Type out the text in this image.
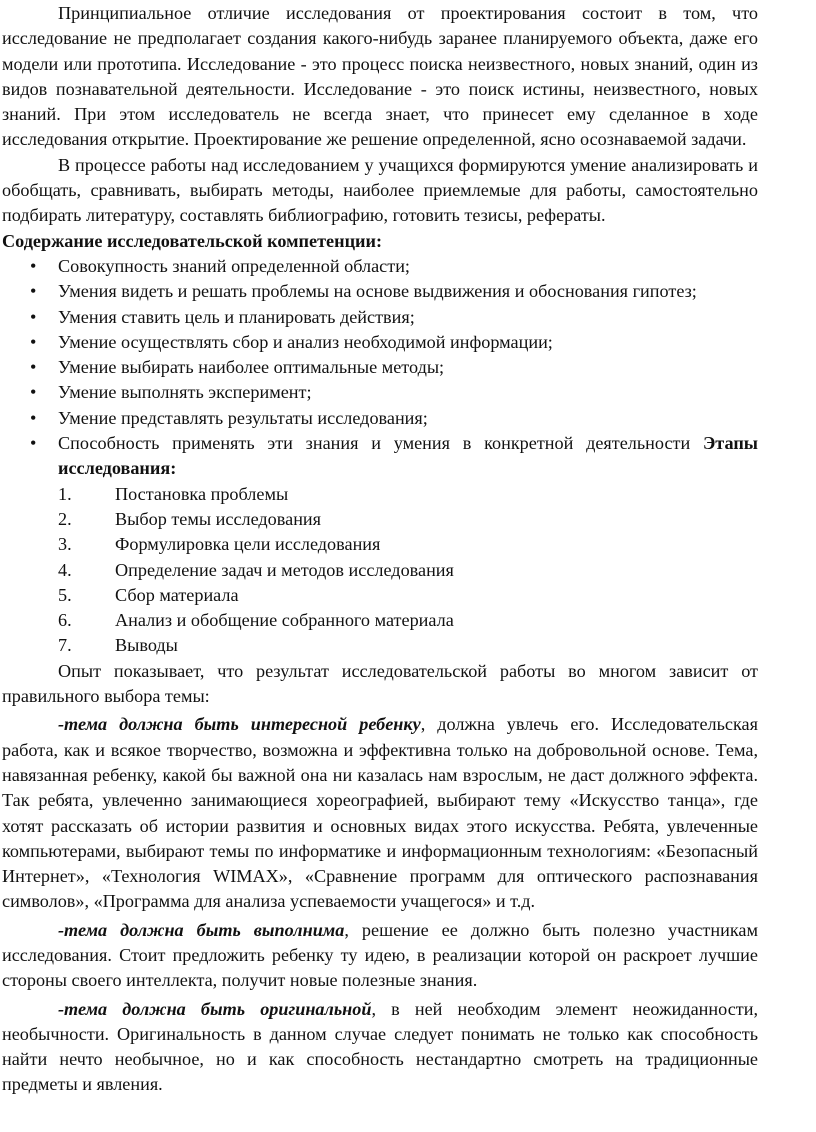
Принципиальное отличие исследования от проектирования состоит в том, что исследование не предполагает создания какого-нибудь заранее планируемого объекта, даже его модели или прототипа. Исследование - это процесс поиска неизвестного, новых знаний, один из видов познавательной деятельности. Исследование - это поиск истины, неизвестного, новых знаний. При этом исследователь не всегда знает, что принесет ему сделанное в ходе исследования открытие. Проектирование же решение определенной, ясно осознаваемой задачи.

В процессе работы над исследованием у учащихся формируются умение анализировать и обобщать, сравнивать, выбирать методы, наиболее приемлемые для работы, самостоятельно подбирать литературу, составлять библиографию, готовить тезисы, рефераты.

Содержание исследовательской компетенции:

• Совокупность знаний определенной области;
• Умения видеть и решать проблемы на основе выдвижения и обоснования гипотез;
• Умения ставить цель и планировать действия;
• Умение осуществлять сбор и анализ необходимой информации;
• Умение выбирать наиболее оптимальные методы;
• Умение выполнять эксперимент;
• Умение представлять результаты исследования;
• Способность применять эти знания и умения в конкретной деятельности Этапы исследования:
1. Постановка проблемы
2. Выбор темы исследования
3. Формулировка цели исследования
4. Определение задач и методов исследования
5. Сбор материала
6. Анализ и обобщение собранного материала
7. Выводы

Опыт показывает, что результат исследовательской работы во многом зависит от правильного выбора темы:

-тема должна быть интересной ребенку, должна увлечь его. Исследовательская работа, как и всякое творчество, возможна и эффективна только на добровольной основе. Тема, навязанная ребенку, какой бы важной она ни казалась нам взрослым, не даст должного эффекта. Так ребята, увлеченно занимающиеся хореографией, выбирают тему «Искусство танца», где хотят рассказать об истории развития и основных видах этого искусства. Ребята, увлеченные компьютерами, выбирают темы по информатике и информационным технологиям: «Безопасный Интернет», «Технология WIMAX», «Сравнение программ для оптического распознавания символов», «Программа для анализа успеваемости учащегося» и т.д.

-тема должна быть выполнима, решение ее должно быть полезно участникам исследования. Стоит предложить ребенку ту идею, в реализации которой он раскроет лучшие стороны своего интеллекта, получит новые полезные знания.

-тема должна быть оригинальной, в ней необходим элемент неожиданности, необычности. Оригинальность в данном случае следует понимать не только как способность найти нечто необычное, но и как способность нестандартно смотреть на традиционные предметы и явления.
